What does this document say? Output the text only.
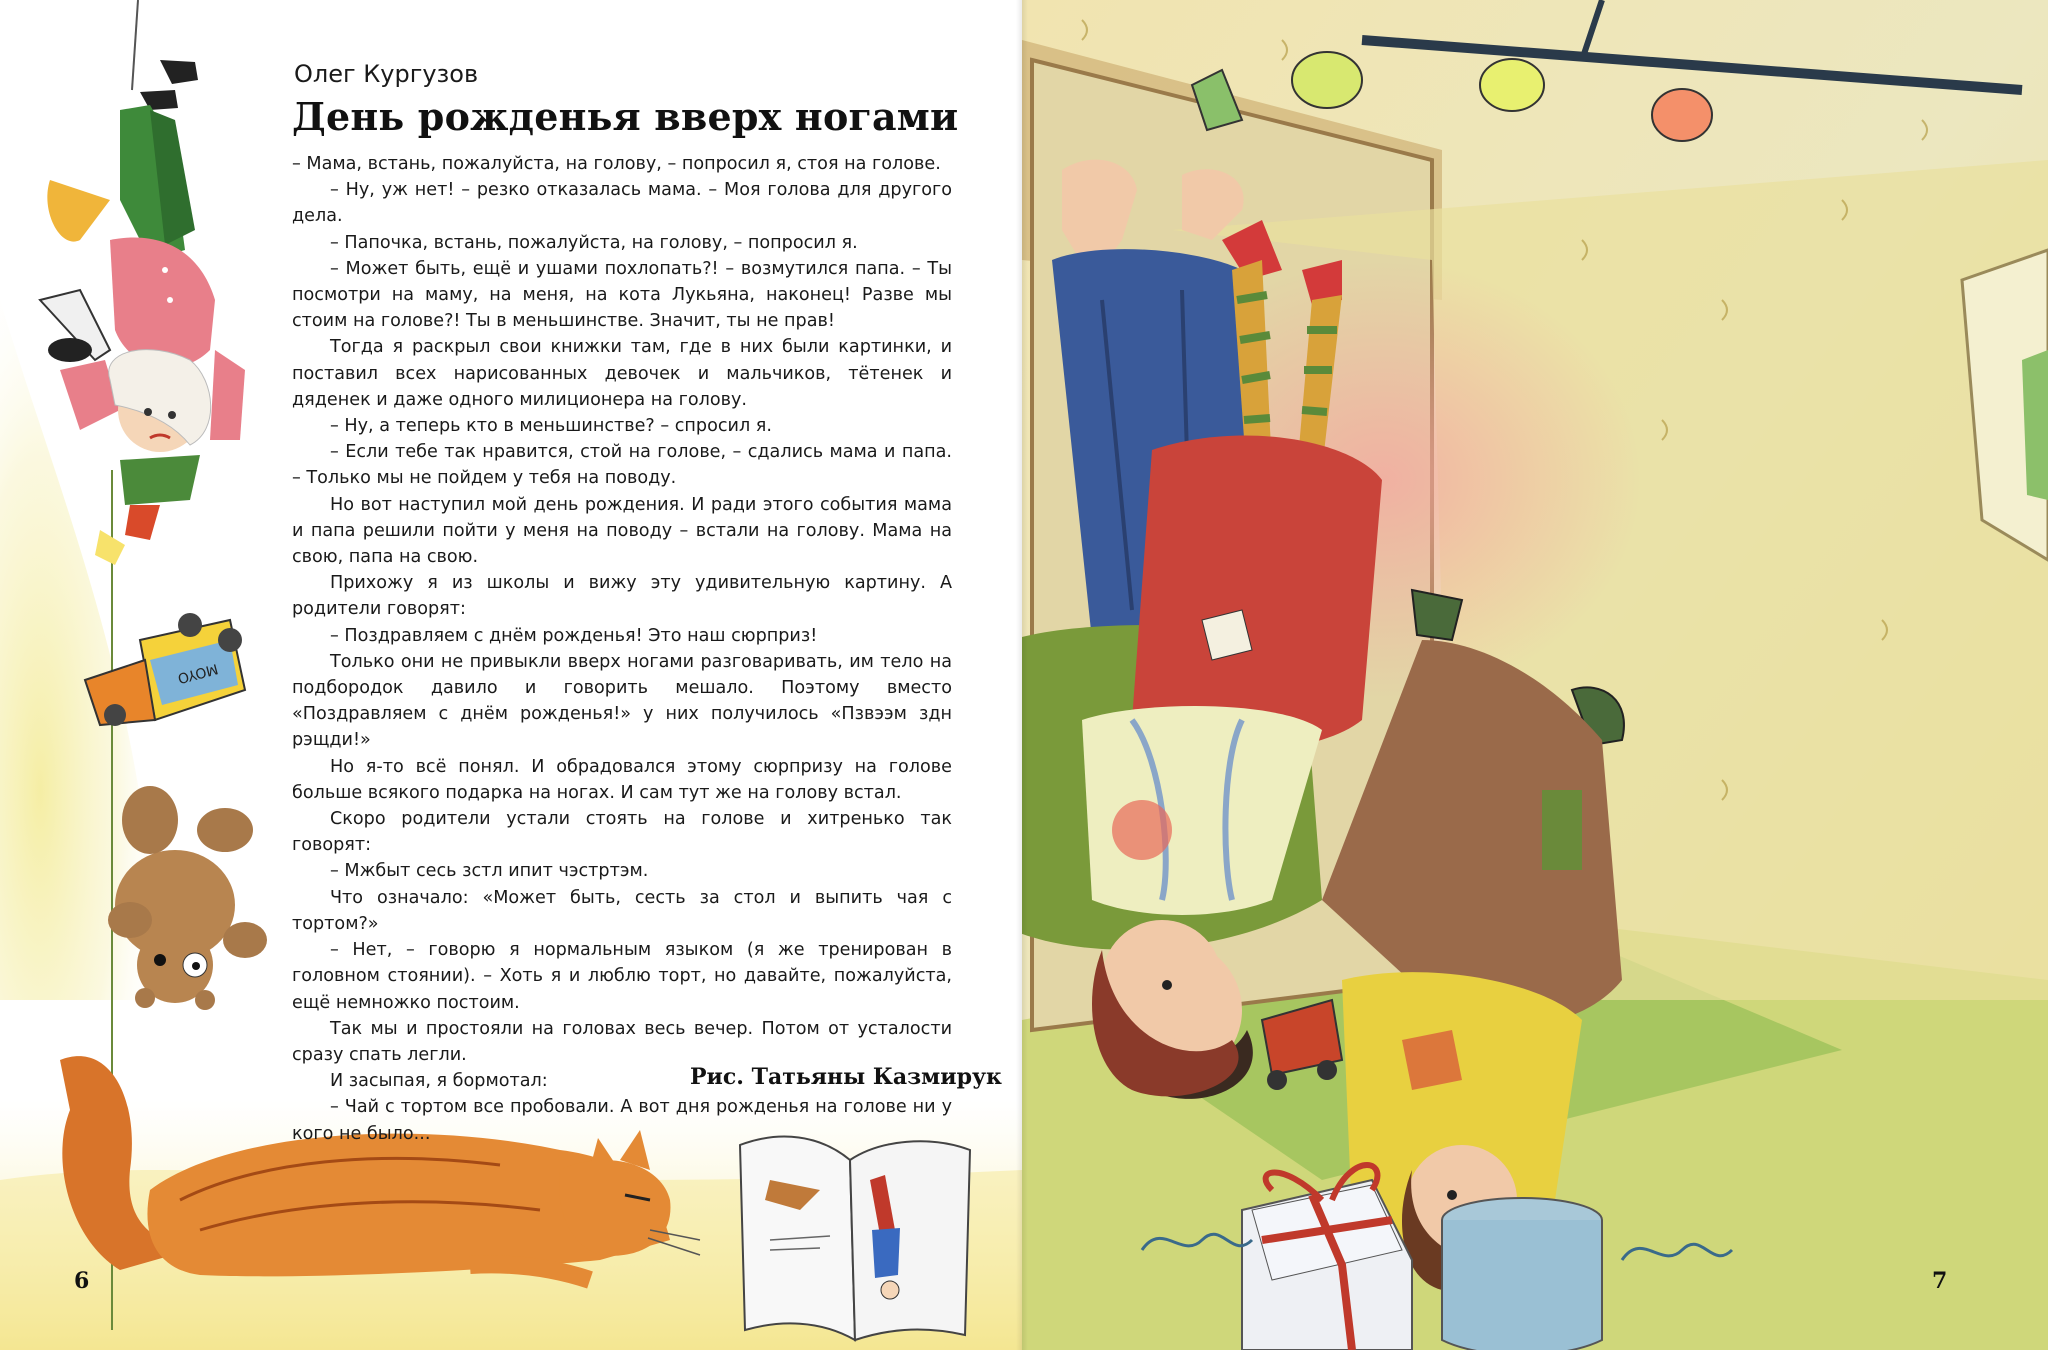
MOYO
Олег Кургузов
День рожденья вверх ногами

– Мама, встань, пожалуйста, на голову, – попросил я, стоя на голове.

– Ну, уж нет! – резко отказалась мама. – Моя голова для другого дела.

– Папочка, встань, пожалуйста, на голову, – попросил я.

– Может быть, ещё и ушами похлопать?! – возмутился папа. – Ты посмотри на маму, на меня, на кота Лукьяна, наконец! Разве мы стоим на голове?! Ты в меньшинстве. Значит, ты не прав!

Тогда я раскрыл свои книжки там, где в них были картинки, и поставил всех нарисованных девочек и мальчиков, тётенек и дяденек и даже одного милиционера на голову.

– Ну, а теперь кто в меньшинстве? – спросил я.

– Если тебе так нравится, стой на голове, – сдались мама и папа. – Только мы не пойдем у тебя на поводу.

Но вот наступил мой день рождения. И ради этого события мама и папа решили пойти у меня на поводу – встали на голову. Мама на свою, папа на свою.

Прихожу я из школы и вижу эту удивительную картину. А родители говорят:

– Поздравляем с днём рожденья! Это наш сюрприз!

Только они не привыкли вверх ногами разговаривать, им тело на подбородок давило и говорить мешало. Поэтому вместо «Поздравляем с днём рожденья!» у них получилось «Пзвээм здн рэщди!»

Но я-то всё понял. И обрадовался этому сюрпризу на голове больше всякого подарка на ногах. И сам тут же на голову встал.

Скоро родители устали стоять на голове и хитренько так говорят:

– Мжбыт сесь зстл ипит чэстртэм.

Что означало: «Может быть, сесть за стол и выпить чая с тортом?»

– Нет, – говорю я нормальным языком (я же тренирован в головном стоянии). – Хоть я и люблю торт, но давайте, пожалуйста, ещё немножко постоим.

Так мы и простояли на головах весь вечер. Потом от усталости сразу спать легли.

И засыпая, я бормотал:

– Чай с тортом все пробовали. А вот дня рожденья на голове ни у кого не было...

Рис. Татьяны Казмирук
6	7
